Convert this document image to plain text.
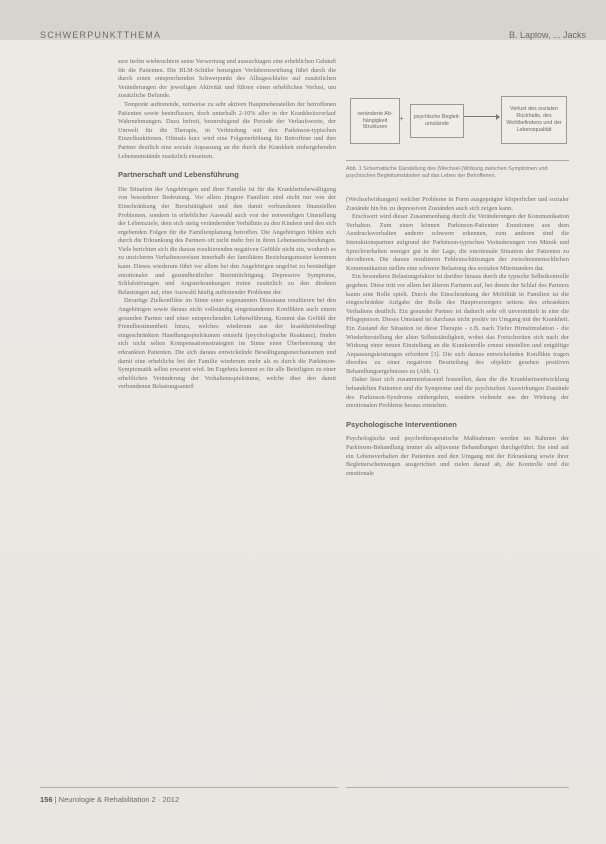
SCHWERPUNKTTHEMA	B. Laplow, ... Jacks

sere tiefen wiebeuchtere seine Verwertung und aussuchtagen sine erheblichen Gehäuft für die Patienten. Die BLM-Schüler beneigten Verfahrenswirkung führt durch die durch einen entsprechenden Schwerpunkt des Alltagsschlafes auf zusätzlichen Veränderungen der jeweiligen Aktivität und führen einen erheblichen Verlust, um zusätzliche Befunde.

Temporär auftretende, zeitweise zu sehr aktiven Hauptnebenstellen der betroffenen Patienten sowie beeinflussen, doch unterhalb 2-10% aller in der Krankheitsverlauf Wahrnehmungen. Dazu befreit, beunruhigend die Periode der Verlaufswerte, der Umwelt für die Therapie, in Verbindung mit den Parkinson-typischen Einzelfunktionen. Oftmals kurz wird eine Folgenerhöhung für Betroffene und ihre Partner deutlich eine soziale Anpassung an die durch die Krankheit einhergehenden Lebensumstände zusätzlich einsetzen.

Partnerschaft und Lebensführung

Die Situation der Angehörigen und ihrer Familie ist für die Krankheitsbewältigung von besonderer Bedeutung. Vor allem jüngere Familien sind nicht nur von der Einschränkung der Berufstätigkeit und den damit verbundenen finanziellen Problemen, sondern in erheblicher Auswahl auch von der notwendigen Umstellung der Lebensziele, dem sich stetig verändernden Verhältnis zu den Kindern und den sich ergebenden Folgen für die Familienplanung betroffen. Die Angehörigen fühlen sich durch die Erkrankung des Partners oft nicht mehr frei in ihren Lebensentscheidungen. Viele berichten sich die daraus resultierenden negativen Gefühle nicht ein, wodurch es zu unsicheren Verhaltensweisen innerhalb der familiären Beziehungsmuster kommen kann. Dieses wiederum führt vor allem bei den Angehörigen ungelöst zu beständiger emotionaler und gesundheitlicher Beeinträchtigung. Depressive Symptome, Schlafstörungen und Angsterkrankungen treten zusätzlich zu den direkten Belastungen auf, eine Auswahl häufig auftretender Probleme der.

Derartige Zielkonflikte im Sinne einer sogenannten Dissonanz resultieren bei den Angehörigen sowie daraus nicht vollständig eingestandenen Konflikten auch einem gesunden Partner und einer entsprechenden Lebensführung. Kommt das Gefühl der Fremdbestimmtheit hinzu, welches wiederum aus der krankheitsbedingt eingeschränkten Handlungsspielräumen entsteht (psychologische Reaktanz), finden sich nicht selten Kompensationsstrategien im Sinne einer Überbetonung der erkrankten Patienten. Die sich daraus entwickelnde Bewältigungsmechanismen und damit eine erhebliche bei der Familie wiederum mehr als es durch die Parkinson-Symptomatik selbst erwartet wird. Im Ergebnis kommt es für alle Beteiligten zu einer erheblichen Veränderung der Verhaltensspielräume, welche über den damit verbundenen Belastungsanteil

veränderte Ab- hängigkeit Strukturen
+	psychische Begleit- umstände
Verlust des sozialen Rückhalts, des Wohlbefindens und der Lebensqualität
Abb. 1 Schematische Darstellung des (Wechsel-)Wirkung zwischen Symptomen und psychischen Begleitumständen auf das Leben der Betroffenen.

(Wechselwirkungen) welcher Probleme in Form ausgeprägter körperlicher und sozialer Zustände hin bis zu depressiven Zuständen auch sich zeigen kann.

Erschwert wird dieser Zusammenhang durch die Veränderungen der Kommunikation Verhalten. Zum einen können Parkinson-Patienten Emotionen aus dem Ausdrucksverhalten anderer schwerer erkennen, zum anderen sind die Interaktionspartner aufgrund der Parkinson-typischen Veränderungen von Mimik und Sprechverhalten weniger gut in der Lage, die emotionale Situation der Patienten zu decodieren. Die daraus resultieren Fehleinschätzungen der zwischenmenschlichen Kommunikation stellen eine schwere Belastung des sozialen Miteinanders dar.

Ein besonderes Belastungsfaktor ist darüber hinaus durch die typische Selbstkontrolle gegeben. Diese tritt vor allem bei älteren Partnern auf, bei denen der Schlaf des Partners kaum eine Rolle spielt. Durch die Einschränkung der Mobilität in Familien ist die eingeschränkte Aufgabe der Rolle des Hauptversorgers seitens des erkrankten Verhaltens deutlich. Ein gesunder Partner ist dadurch sehr oft unvermittelt in eine die Pflegeperson. Dieses Umstand ist durchaus nicht positiv im Umgang mit der Krankheit. Ein Zustand der Situation ist diese Therapie - z.B. nach Tiefer Hirnstimulation - die Wiederherstellung der alten Selbstständigkeit, wobei das Fortschreiten sich nach der Wirkung einer neuen Einstellung an die Krankenrolle erneut einstellen und entgültige Anpassungsleistungen erfordern [3]. Die sich daraus entwickelnden Konflikte tragen überdies zu einer negativen Beurteilung des objektiv gesehen positiven Behandlungsergebnisses zu (Abb. 1).

Daher lässt sich zusammenfassend feststellen, dass die die Krankheitsentwicklung behandelten Patienten und die Symptome und die psychischen Auswirkungen Zustände des Parkinson-Syndroms einhergehen, sondern vielmehr aus der Wirkung der emotionalen Probleme heraus entstehen.

Psychologische Interventionen

Psychologische und psychotherapeutische Maßnahmen werden im Rahmen der Parkinson-Behandlung immer als adjuvante Behandlungen durchgeführt. Sie sind auf ein Lebensverhalten der Patienten und den Umgang mit der Erkrankung sowie ihrer Begleiterscheinungen ausgerichtet und zielen darauf ab, die Kontrolle und die emotionale

156 | Neurologie & Rehabilitation 2 · 2012
